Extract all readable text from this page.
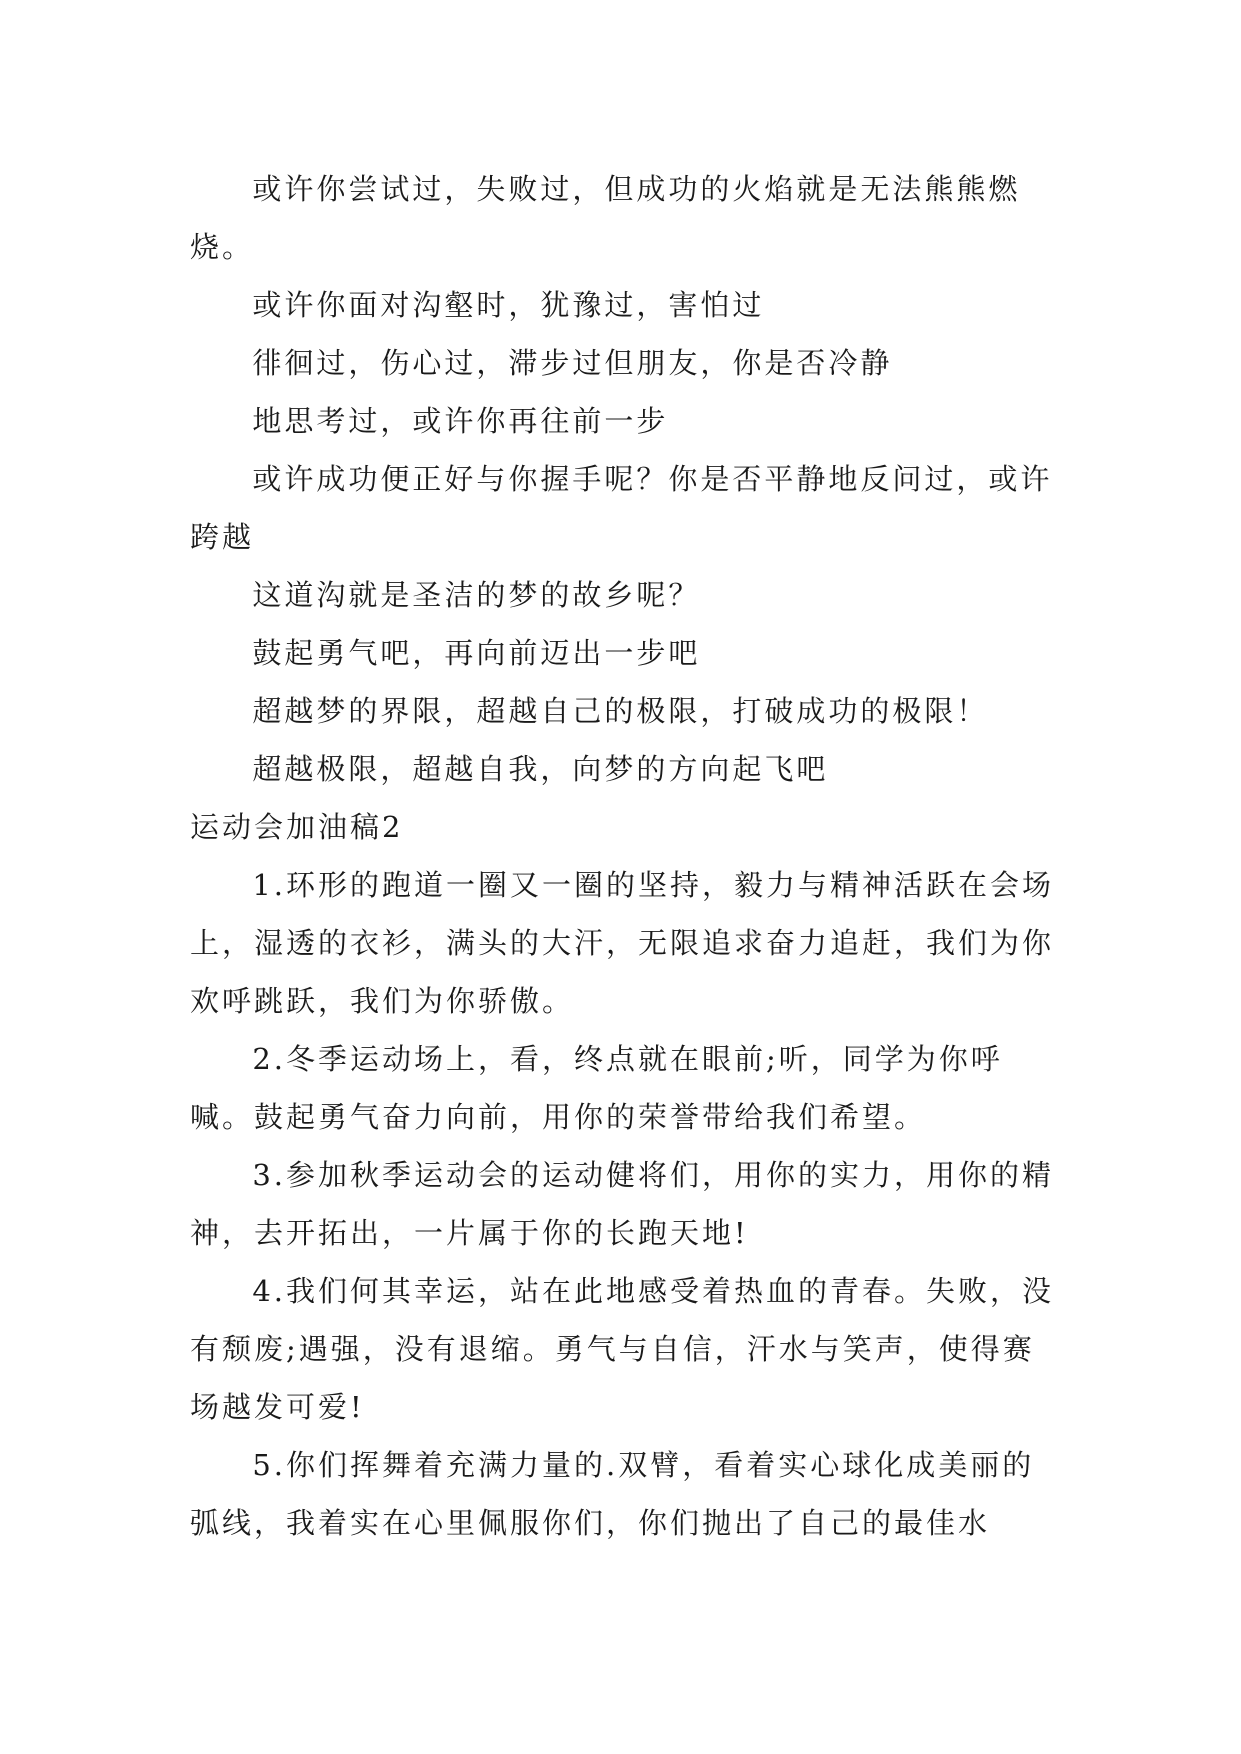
或许你尝试过，失败过，但成功的火焰就是无法熊熊燃烧。

或许你面对沟壑时，犹豫过，害怕过

徘徊过，伤心过，滞步过但朋友，你是否冷静

地思考过，或许你再往前一步

或许成功便正好与你握手呢？你是否平静地反问过，或许跨越

这道沟就是圣洁的梦的故乡呢？

鼓起勇气吧，再向前迈出一步吧

超越梦的界限，超越自己的极限，打破成功的极限！

超越极限，超越自我，向梦的方向起飞吧

运动会加油稿2

1.环形的跑道一圈又一圈的坚持，毅力与精神活跃在会场上，湿透的衣衫，满头的大汗，无限追求奋力追赶，我们为你欢呼跳跃，我们为你骄傲。

2.冬季运动场上，看，终点就在眼前;听，同学为你呼喊。鼓起勇气奋力向前，用你的荣誉带给我们希望。

3.参加秋季运动会的运动健将们，用你的实力，用你的精神，去开拓出，一片属于你的长跑天地!

4.我们何其幸运，站在此地感受着热血的青春。失败，没有颓废;遇强，没有退缩。勇气与自信，汗水与笑声，使得赛场越发可爱!

5.你们挥舞着充满力量的.双臂，看着实心球化成美丽的弧线，我着实在心里佩服你们，你们抛出了自己的最佳水
